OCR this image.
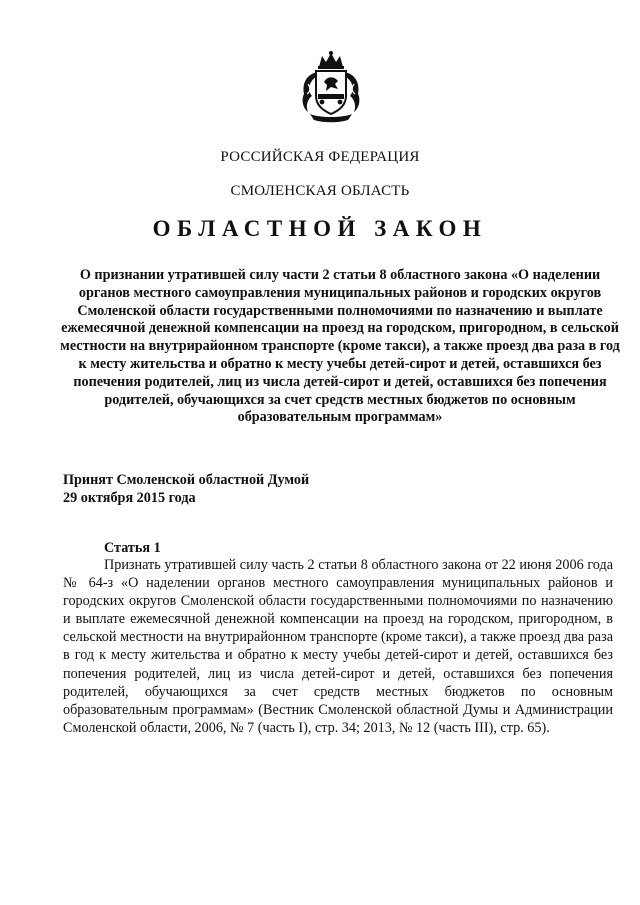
РОССИЙСКАЯ ФЕДЕРАЦИЯ
СМОЛЕНСКАЯ ОБЛАСТЬ
ОБЛАСТНОЙ ЗАКОН
О признании утратившей силу части 2 статьи 8 областного закона «О наделении органов местного самоуправления муниципальных районов и городских округов Смоленской области государственными полномочиями по назначению и выплате ежемесячной денежной компенсации на проезд на городском, пригородном, в сельской местности на внутрирайонном транспорте (кроме такси), а также проезд два раза в год к месту жительства и обратно к месту учебы детей-сирот и детей, оставшихся без попечения родителей, лиц из числа детей-сирот и детей, оставшихся без попечения родителей, обучающихся за счет средств местных бюджетов по основным образовательным программам»
Принят Смоленской областной Думой
29 октября 2015 года
Статья 1
Признать утратившей силу часть 2 статьи 8 областного закона от 22 июня 2006 года № 64-з «О наделении органов местного самоуправления муниципальных районов и городских округов Смоленской области государственными полномочиями по назначению и выплате ежемесячной денежной компенсации на проезд на городском, пригородном, в сельской местности на внутрирайонном транспорте (кроме такси), а также проезд два раза в год к месту жительства и обратно к месту учебы детей-сирот и детей, оставшихся без попечения родителей, лиц из числа детей-сирот и детей, оставшихся без попечения родителей, обучающихся за счет средств местных бюджетов по основным образовательным программам» (Вестник Смоленской областной Думы и Администрации Смоленской области, 2006, № 7 (часть I), стр. 34; 2013, № 12 (часть III), стр. 65).
